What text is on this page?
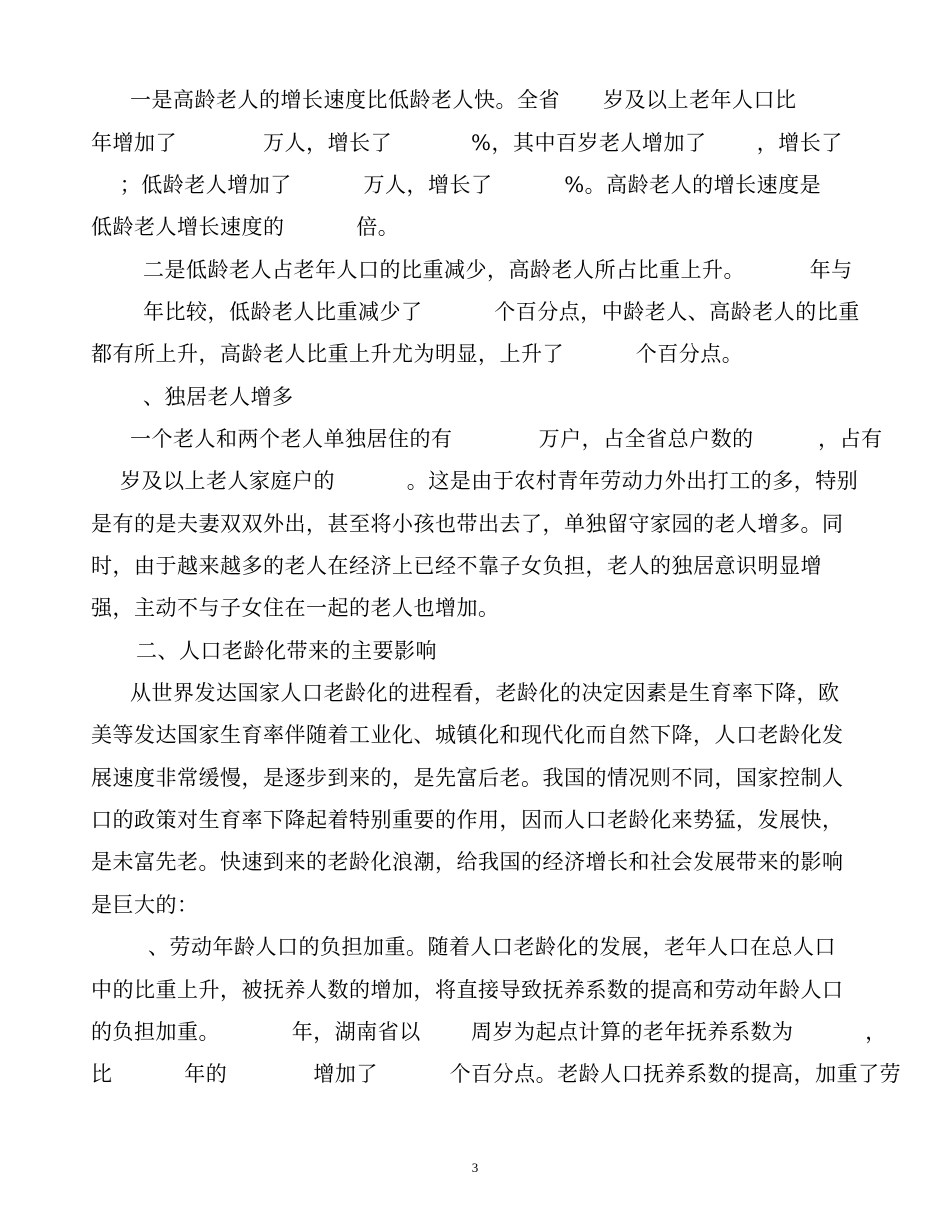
一是高龄老人的增长速度比低龄老人快。全省      岁及以上老年人口比

年增加了            万人，增长了           %，其中百岁老人增加了       ，增长了

；低龄老人增加了          万人，增长了          %。高龄老人的增长速度是

低龄老人增长速度的          倍。

二是低龄老人占老年人口的比重减少，高龄老人所占比重上升。         年与

年比较，低龄老人比重减少了          个百分点，中龄老人、高龄老人的比重

都有所上升，高龄老人比重上升尤为明显，上升了          个百分点。

、独居老人增多

一个老人和两个老人单独居住的有            万户，占全省总户数的         ，占有

岁及以上老人家庭户的          。这是由于农村青年劳动力外出打工的多，特别

是有的是夫妻双双外出，甚至将小孩也带出去了，单独留守家园的老人增多。同

时，由于越来越多的老人在经济上已经不靠子女负担，老人的独居意识明显增

强，主动不与子女住在一起的老人也增加。

二、人口老龄化带来的主要影响

从世界发达国家人口老龄化的进程看，老龄化的决定因素是生育率下降，欧

美等发达国家生育率伴随着工业化、城镇化和现代化而自然下降，人口老龄化发

展速度非常缓慢，是逐步到来的，是先富后老。我国的情况则不同，国家控制人

口的政策对生育率下降起着特别重要的作用，因而人口老龄化来势猛，发展快，

是未富先老。快速到来的老龄化浪潮，给我国的经济增长和社会发展带来的影响

是巨大的：

、劳动年龄人口的负担加重。随着人口老龄化的发展，老年人口在总人口

中的比重上升，被抚养人数的增加，将直接导致抚养系数的提高和劳动年龄人口

的负担加重。          年，湖南省以       周岁为起点计算的老年抚养系数为          ，

比          年的            增加了          个百分点。老龄人口抚养系数的提高，加重了劳

3
